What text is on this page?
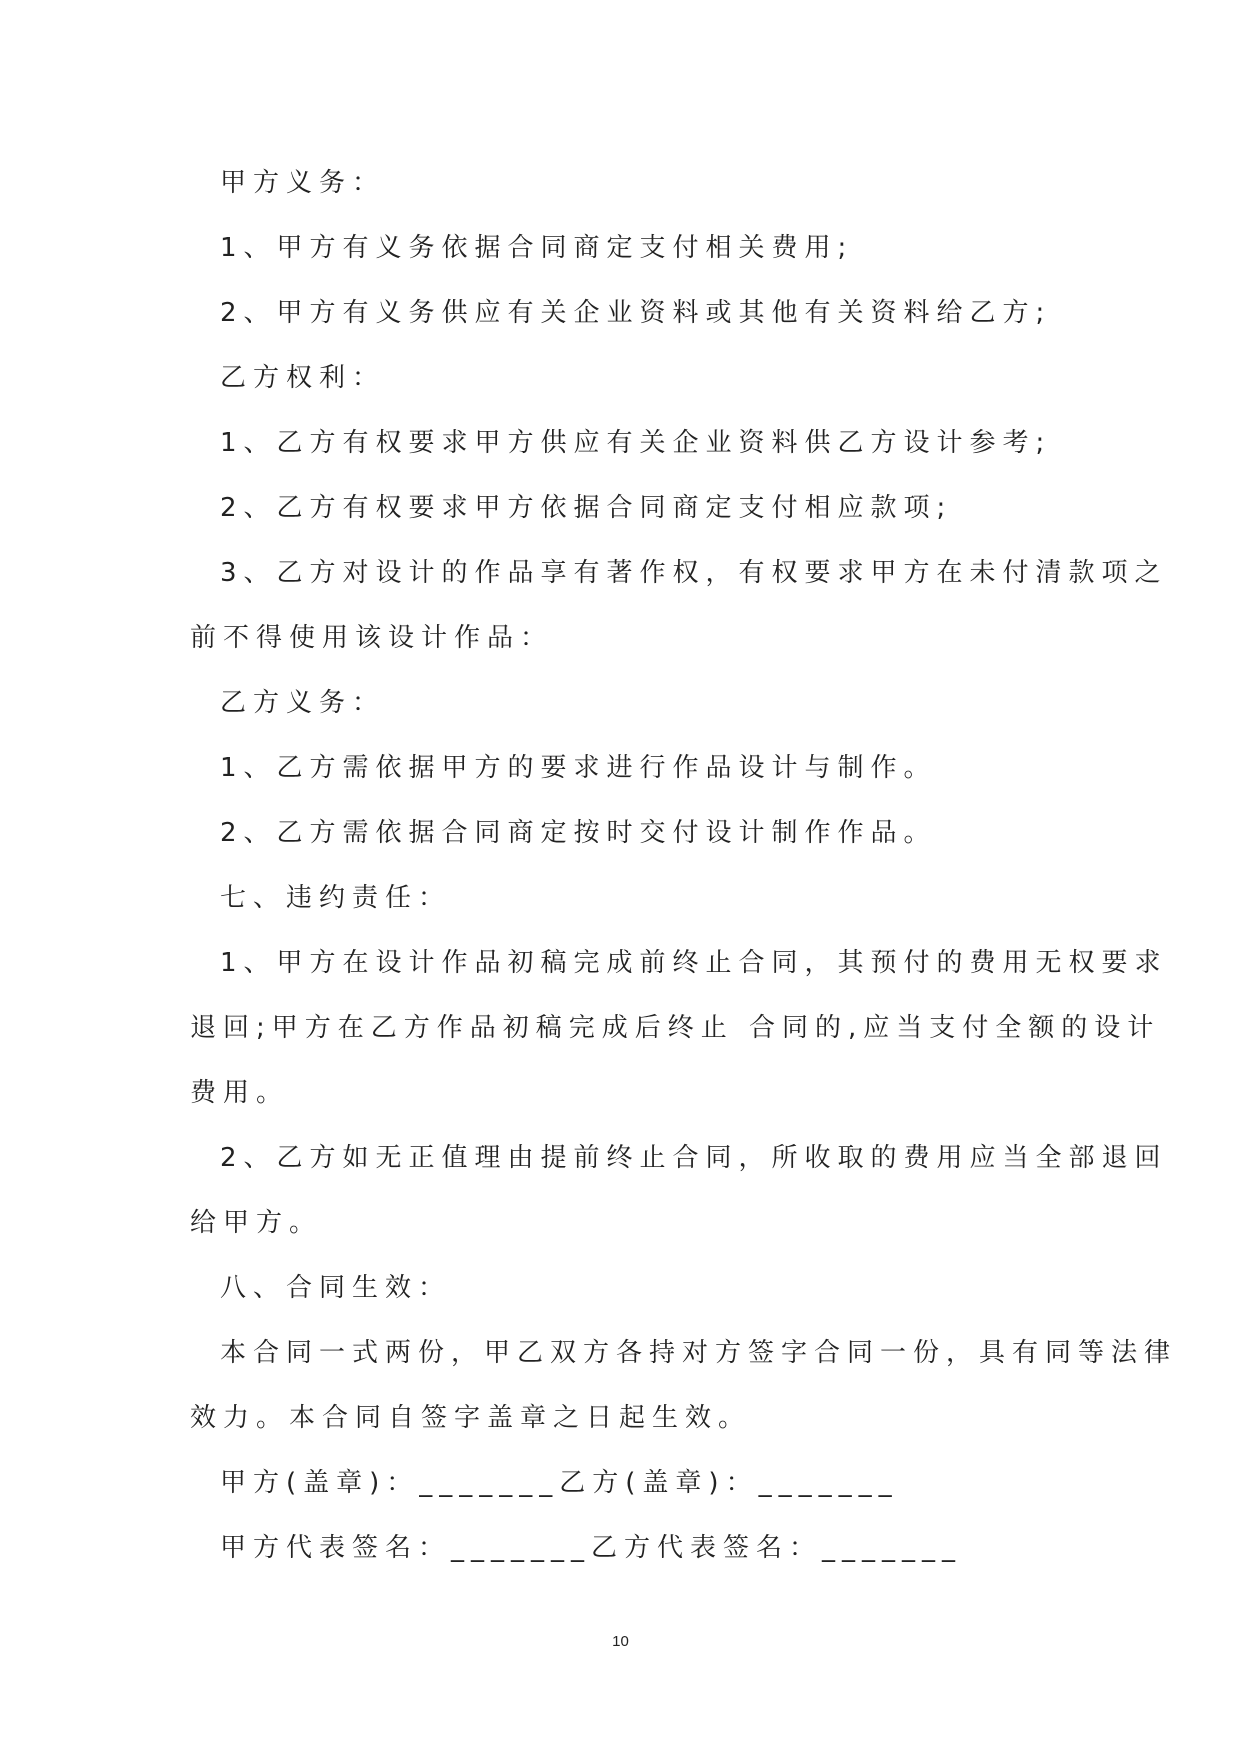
甲方义务：
1、甲方有义务依据合同商定支付相关费用;
2、甲方有义务供应有关企业资料或其他有关资料给乙方;
乙方权利：
1、乙方有权要求甲方供应有关企业资料供乙方设计参考;
2、乙方有权要求甲方依据合同商定支付相应款项;
3、乙方对设计的作品享有著作权，有权要求甲方在未付清款项之
前不得使用该设计作品：
乙方义务：
1、乙方需依据甲方的要求进行作品设计与制作。
2、乙方需依据合同商定按时交付设计制作作品。
七、违约责任：
1、甲方在设计作品初稿完成前终止合同，其预付的费用无权要求
退回;甲方在乙方作品初稿完成后终止 合同的,应当支付全额的设计
费用。
2、乙方如无正值理由提前终止合同，所收取的费用应当全部退回
给甲方。
八、合同生效：
本合同一式两份，甲乙双方各持对方签字合同一份，具有同等法律
效力。本合同自签字盖章之日起生效。
甲方(盖章)：_______乙方(盖章)：_______
甲方代表签名：_______乙方代表签名：_______
10
